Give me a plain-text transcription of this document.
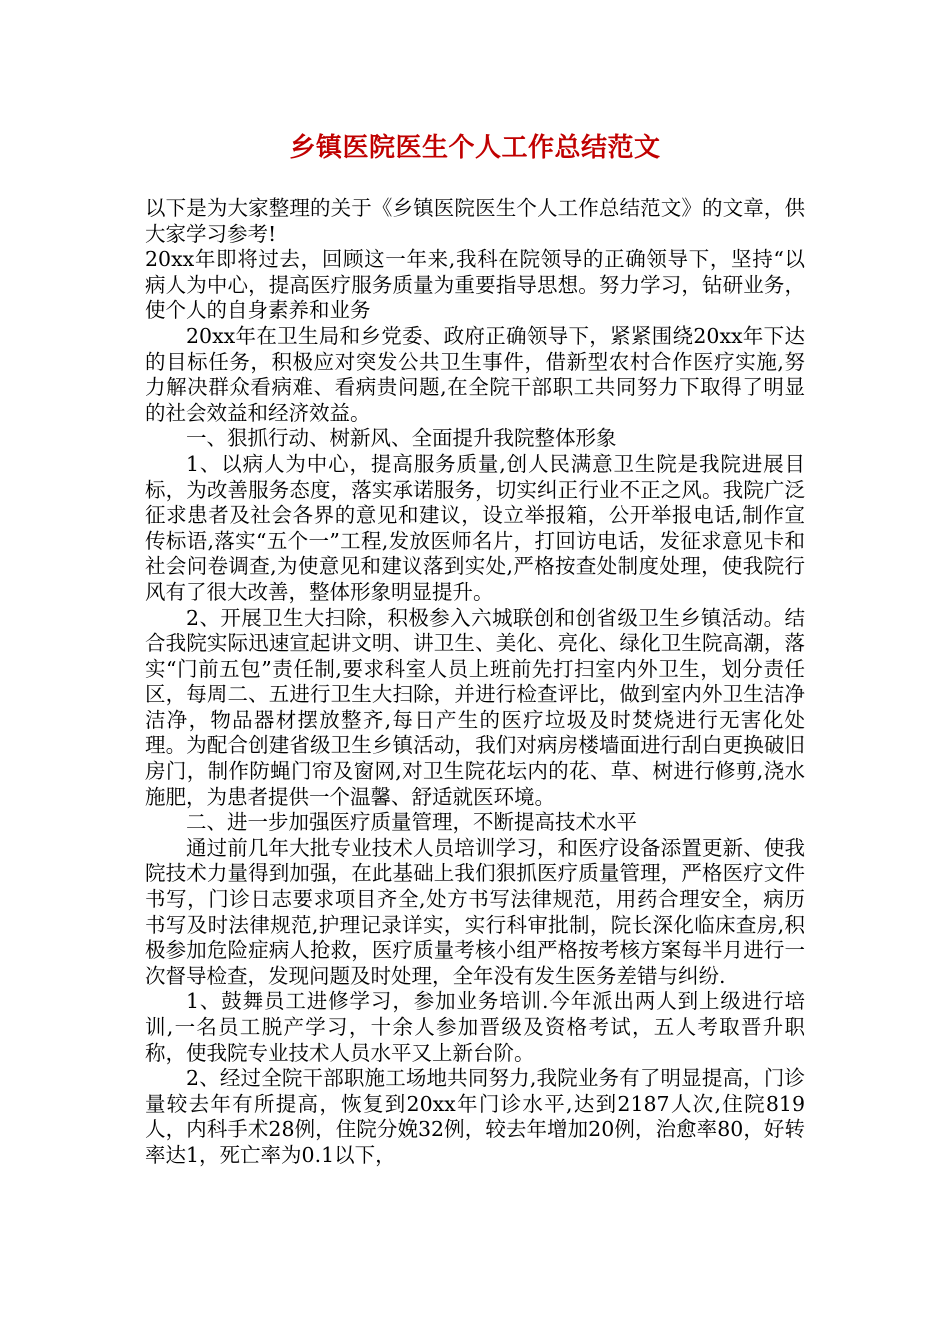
乡镇医院医生个人工作总结范文

以下是为大家整理的关于《乡镇医院医生个人工作总结范文》的文章，供大家学习参考!

20xx年即将过去，回顾这一年来,我科在院领导的正确领导下，坚持“以病人为中心，提高医疗服务质量为重要指导思想。努力学习，钻研业务，使个人的自身素养和业务

20xx年在卫生局和乡党委、政府正确领导下，紧紧围绕20xx年下达的目标任务，积极应对突发公共卫生事件，借新型农村合作医疗实施,努力解决群众看病难、看病贵问题,在全院干部职工共同努力下取得了明显的社会效益和经济效益。

一、狠抓行动、树新风、全面提升我院整体形象

1、以病人为中心，提高服务质量,创人民满意卫生院是我院进展目标，为改善服务态度，落实承诺服务，切实纠正行业不正之风。我院广泛征求患者及社会各界的意见和建议，设立举报箱，公开举报电话,制作宣传标语,落实“五个一”工程,发放医师名片，打回访电话，发征求意见卡和社会问卷调查,为使意见和建议落到实处,严格按查处制度处理，使我院行风有了很大改善，整体形象明显提升。

2、开展卫生大扫除，积极参入六城联创和创省级卫生乡镇活动。结合我院实际迅速宣起讲文明、讲卫生、美化、亮化、绿化卫生院高潮，落实“门前五包”责任制,要求科室人员上班前先打扫室内外卫生，划分责任区，每周二、五进行卫生大扫除，并进行检查评比，做到室内外卫生洁净洁净，物品器材摆放整齐,每日产生的医疗垃圾及时焚烧进行无害化处理。为配合创建省级卫生乡镇活动，我们对病房楼墙面进行刮白更换破旧房门，制作防蝇门帘及窗网,对卫生院花坛内的花、草、树进行修剪,浇水施肥，为患者提供一个温馨、舒适就医环境。

二、进一步加强医疗质量管理，不断提高技术水平

通过前几年大批专业技术人员培训学习，和医疗设备添置更新、使我院技术力量得到加强，在此基础上我们狠抓医疗质量管理，严格医疗文件书写，门诊日志要求项目齐全,处方书写法律规范，用药合理安全，病历书写及时法律规范,护理记录详实，实行科审批制，院长深化临床查房,积极参加危险症病人抢救，医疗质量考核小组严格按考核方案每半月进行一次督导检查，发现问题及时处理，全年没有发生医务差错与纠纷.

1、鼓舞员工进修学习，参加业务培训.今年派出两人到上级进行培训,一名员工脱产学习，十余人参加晋级及资格考试，五人考取晋升职称，使我院专业技术人员水平又上新台阶。

2、经过全院干部职施工场地共同努力,我院业务有了明显提高，门诊量较去年有所提高，恢复到20xx年门诊水平,达到2187人次,住院819 人，内科手术28例，住院分娩32例，较去年增加20例，治愈率80，好转率达1，死亡率为0.1以下，
